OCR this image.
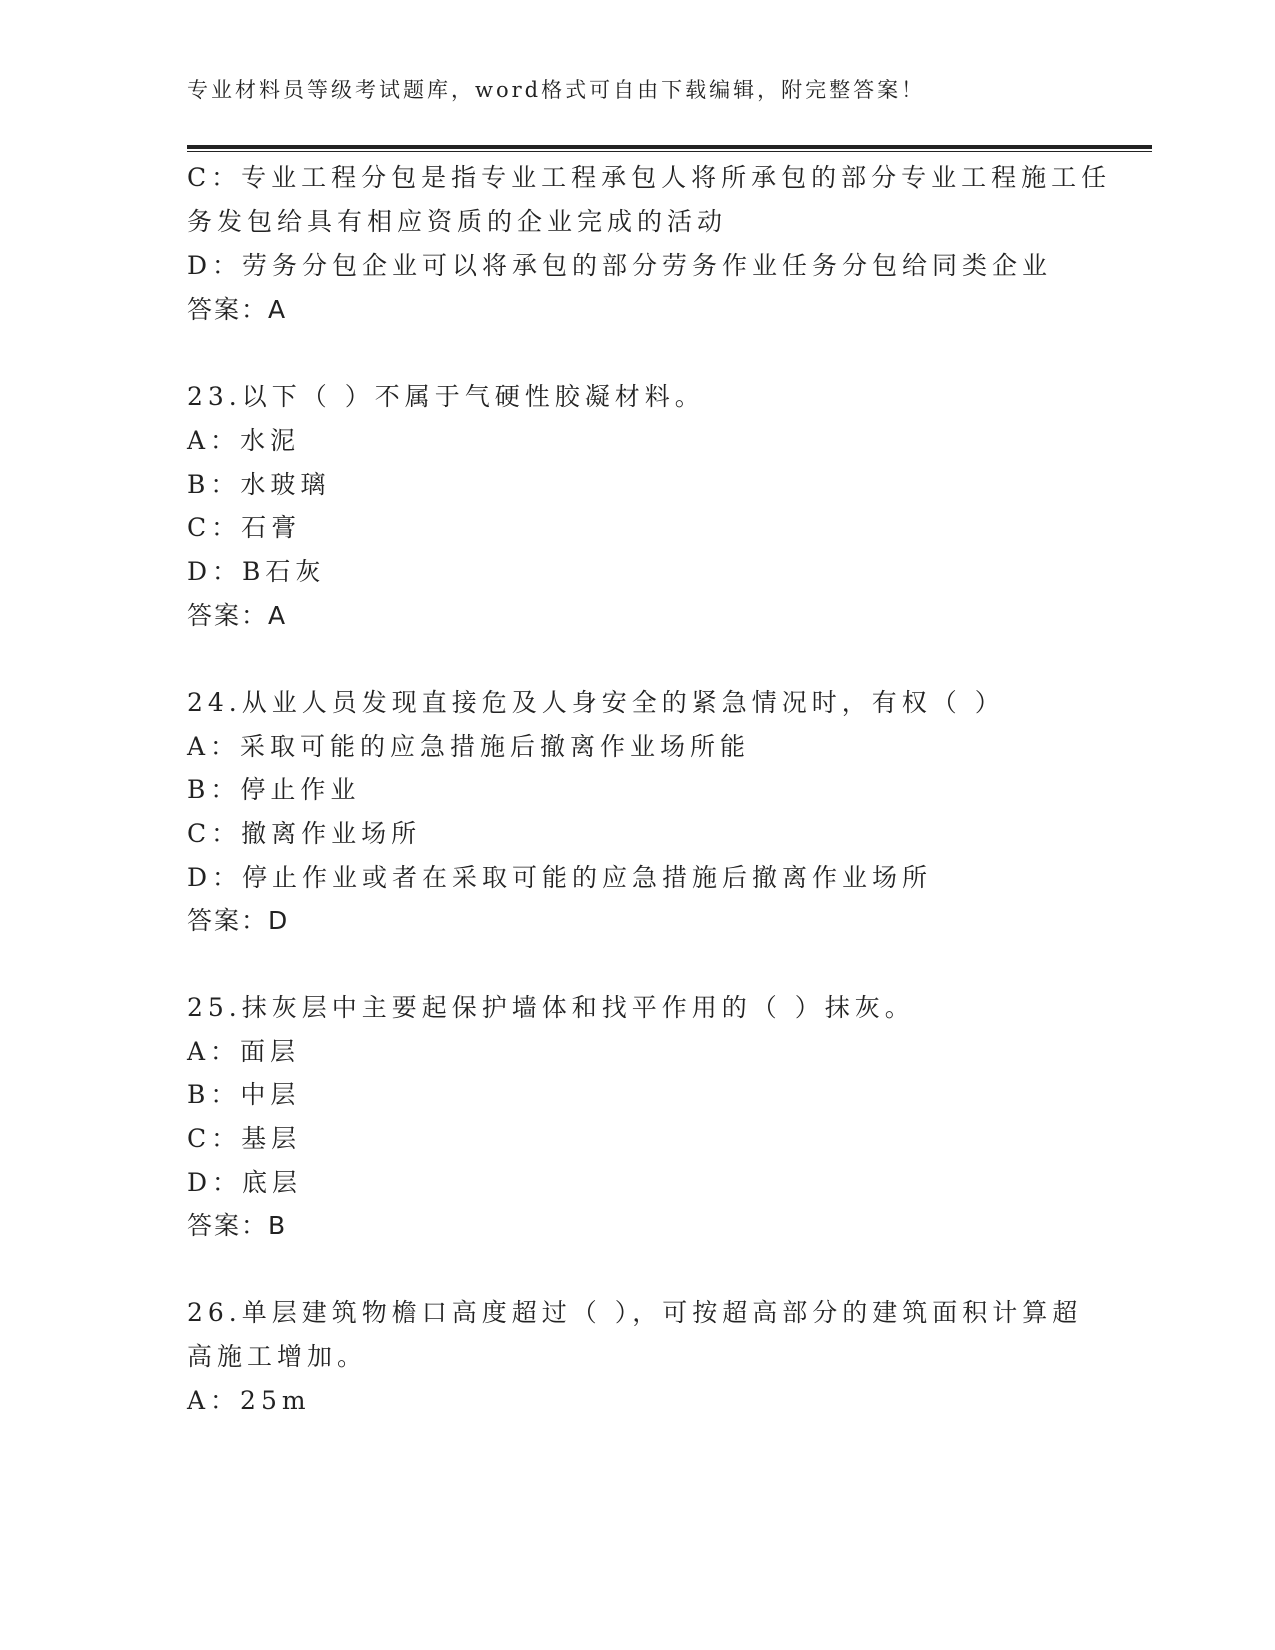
专业材料员等级考试题库，word格式可自由下载编辑，附完整答案！
C：专业工程分包是指专业工程承包人将所承包的部分专业工程施工任
务发包给具有相应资质的企业完成的活动
D：劳务分包企业可以将承包的部分劳务作业任务分包给同类企业
答案：A
23.以下（ ）不属于气硬性胶凝材料。
A：水泥
B：水玻璃
C：石膏
D：B石灰
答案：A
24.从业人员发现直接危及人身安全的紧急情况时，有权（ ）
A：采取可能的应急措施后撤离作业场所能
B：停止作业
C：撤离作业场所
D：停止作业或者在采取可能的应急措施后撤离作业场所
答案：D
25.抹灰层中主要起保护墙体和找平作用的（ ）抹灰。
A：面层
B：中层
C：基层
D：底层
答案：B
26.单层建筑物檐口高度超过（ ），可按超高部分的建筑面积计算超
高施工增加。
A：25m
